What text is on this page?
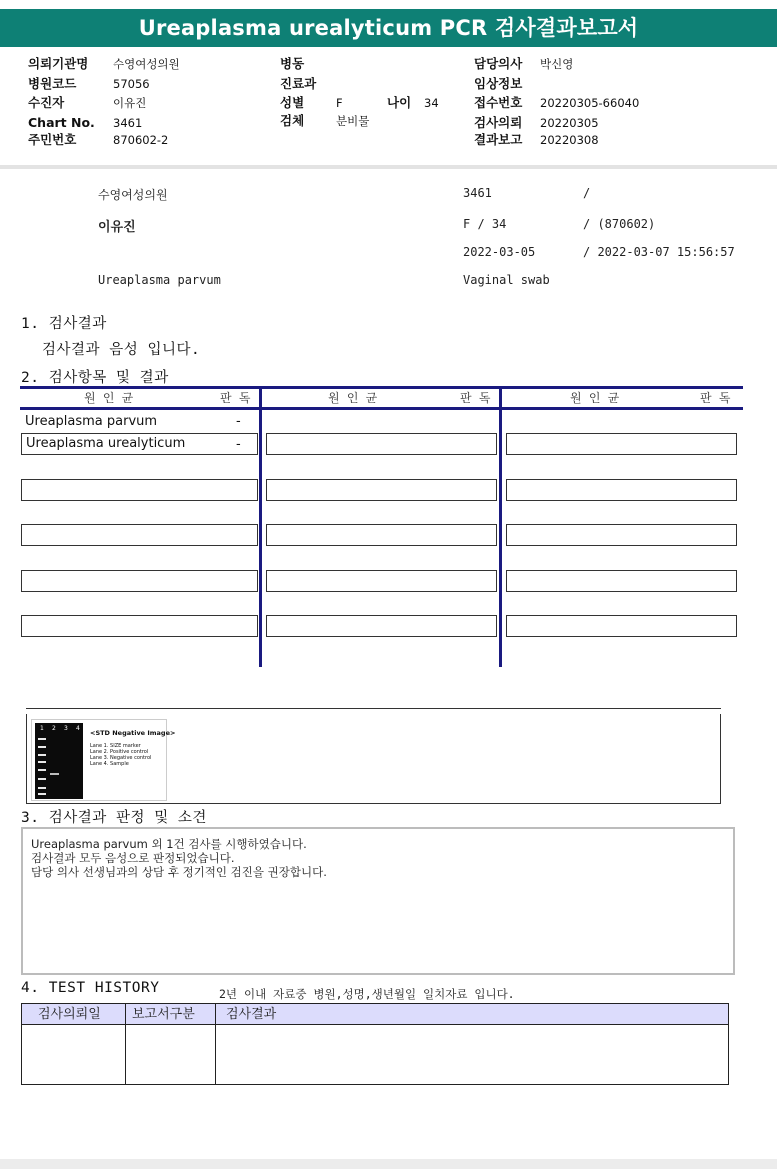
Ureaplasma urealyticum PCR 검사결과보고서
의뢰기관명 수영여성의원
병원코드	57056
수진자	이유진
Chart No. 3461
주민번호	870602-2
병동
진료과
성별	F	나이 34
검체	분비물
담당의사 박신영
임상정보
접수번호 20220305-66040
검사의뢰 20220305
결과보고 20220308
수영여성의원	3461	/
이유진	F / 34	/ (870602)
2022-03-05	/ 2022-03-07 15:56:57
Ureaplasma parvum	Vaginal swab
1. 검사결과
검사결과 음성 입니다.
2. 검사항목 및 결과
원 인 균	판 독	원 인 균	판 독	원 인 균	판 독
Ureaplasma parvum	-
Ureaplasma urealyticum	-
1 2 3 4
<STD Negative Image>
Lane 1. SIZE marker
Lane 2. Positive control
Lane 3. Negative control
Lane 4. Sample
3. 검사결과 판정 및 소견
Ureaplasma parvum 외 1건 검사를 시행하였습니다.
검사결과 모두 음성으로 판정되었습니다.
담당 의사 선생님과의 상담 후 정기적인 검진을 권장합니다.
4. TEST HISTORY	2년 이내 자료중 병원,성명,생년월일 일치자료 입니다.
검사의뢰일 보고서구분 검사결과
